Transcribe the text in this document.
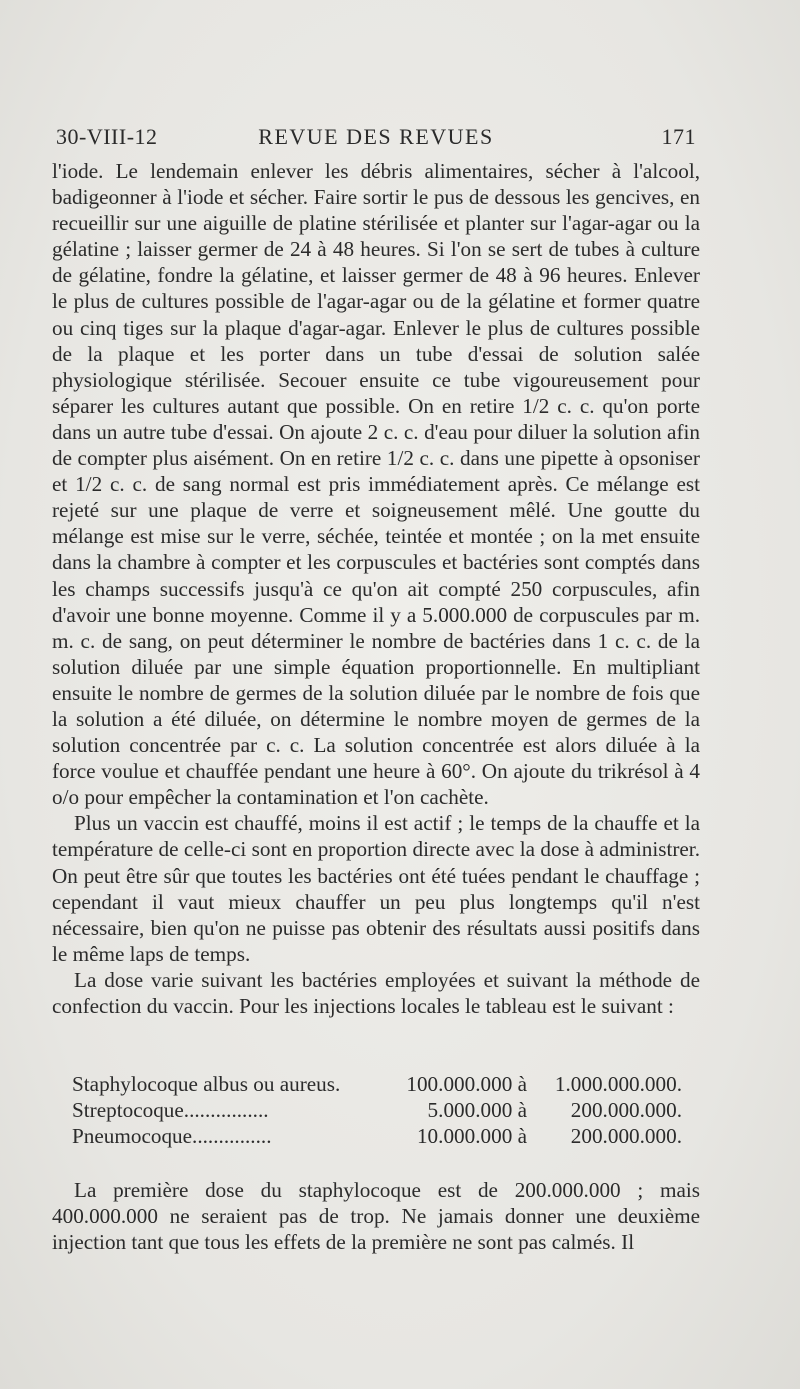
30-VIII-12	REVUE DES REVUES	171

l'iode. Le lendemain enlever les débris alimentaires, sécher à l'alcool, badigeonner à l'iode et sécher. Faire sortir le pus de dessous les gencives, en recueillir sur une aiguille de platine stérilisée et planter sur l'agar-agar ou la gélatine ; laisser germer de 24 à 48 heures. Si l'on se sert de tubes à culture de gélatine, fondre la gélatine, et laisser germer de 48 à 96 heures. Enlever le plus de cultures possible de l'agar-agar ou de la gélatine et former quatre ou cinq tiges sur la plaque d'agar-agar. Enlever le plus de cultures possible de la plaque et les porter dans un tube d'essai de solution salée physiologique stérilisée. Secouer ensuite ce tube vigoureusement pour séparer les cultures autant que possible. On en retire 1/2 c. c. qu'on porte dans un autre tube d'essai. On ajoute 2 c. c. d'eau pour diluer la solution afin de compter plus aisément. On en retire 1/2 c. c. dans une pipette à opsoniser et 1/2 c. c. de sang normal est pris immédiatement après. Ce mélange est rejeté sur une plaque de verre et soigneusement mêlé. Une goutte du mélange est mise sur le verre, séchée, teintée et montée ; on la met ensuite dans la chambre à compter et les corpuscules et bactéries sont comptés dans les champs successifs jusqu'à ce qu'on ait compté 250 corpuscules, afin d'avoir une bonne moyenne. Comme il y a 5.000.000 de corpuscules par m. m. c. de sang, on peut déterminer le nombre de bactéries dans 1 c. c. de la solution diluée par une simple équation proportionnelle. En multipliant ensuite le nombre de germes de la solution diluée par le nombre de fois que la solution a été diluée, on détermine le nombre moyen de germes de la solution concentrée par c. c. La solution concentrée est alors diluée à la force voulue et chauffée pendant une heure à 60°. On ajoute du trikrésol à 4 o/o pour empêcher la contamination et l'on cachète.

Plus un vaccin est chauffé, moins il est actif ; le temps de la chauffe et la température de celle-ci sont en proportion directe avec la dose à administrer. On peut être sûr que toutes les bactéries ont été tuées pendant le chauffage ; cependant il vaut mieux chauffer un peu plus longtemps qu'il n'est nécessaire, bien qu'on ne puisse pas obtenir des résultats aussi positifs dans le même laps de temps.

La dose varie suivant les bactéries employées et suivant la méthode de confection du vaccin. Pour les injections locales le tableau est le suivant :

Staphylocoque albus ou aureus.	100.000.000 à 1.000.000.000.
Streptocoque................	5.000.000 à 200.000.000.
Pneumocoque...............	10.000.000 à 200.000.000.

La première dose du staphylocoque est de 200.000.000 ; mais 400.000.000 ne seraient pas de trop. Ne jamais donner une deuxième injection tant que tous les effets de la première ne sont pas calmés. Il
